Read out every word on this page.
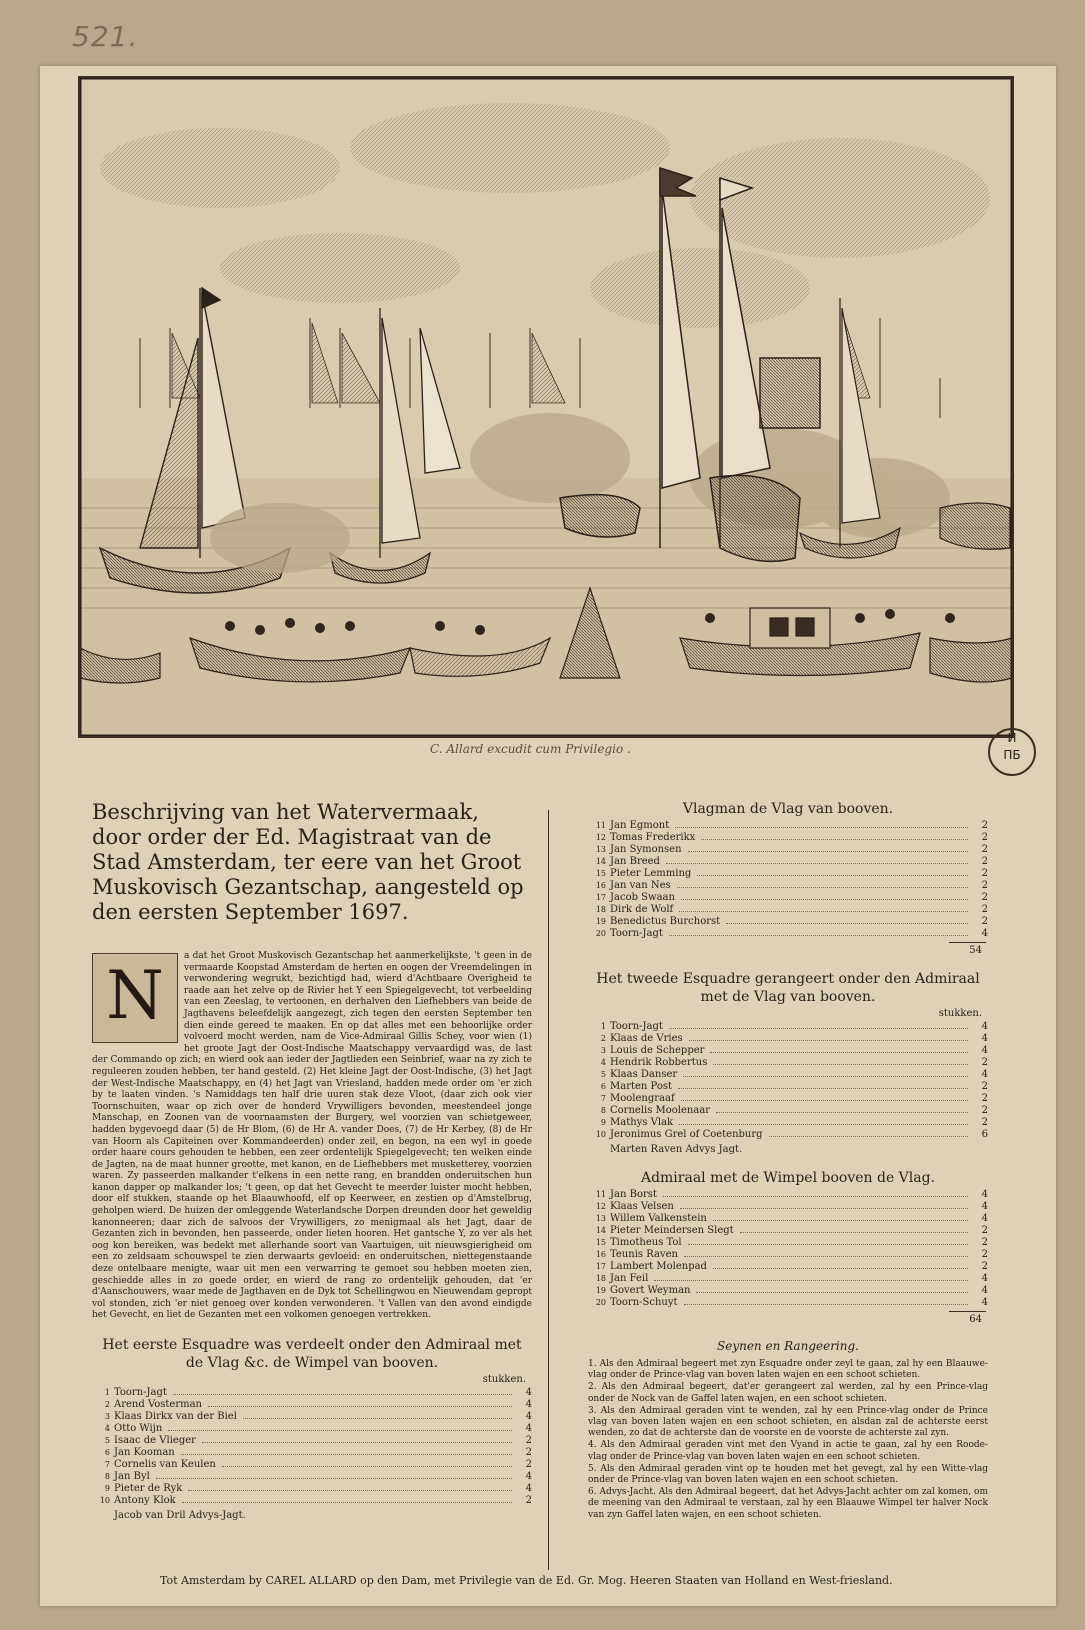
521.
C. Allard excudit cum Privilegio .
И
ПБ
Beschrijving van het Watervermaak, door order der Ed. Magistraat van de Stad Amsterdam, ter eere van het Groot Muskovisch Gezantschap, aangesteld op den eersten September 1697.
N

a dat het Groot Muskovisch Gezantschap het aanmerkelijkste, 't geen in de vermaarde Koopstad Amsterdam de herten en oogen der Vreemdelingen in verwondering wegrukt, bezichtigd had, wierd d'Achtbaare Overigheid te raade aan het zelve op de Rivier het Y een Spiegelgevecht, tot verbeelding van een Zeeslag, te vertoonen, en derhalven den Liefhebbers van beide de Jagthavens beleefdelijk aangezegt, zich tegen den eersten September ten dien einde gereed te maaken. En op dat alles met een behoorlijke order volvoerd mocht werden, nam de Vice-Admiraal Gillis Schey, voor wien (1) het groote Jagt der Oost-Indische Maatschappy vervaardigd was, de last der Commando op zich; en wierd ook aan ieder der Jagtlieden een Seinbrief, waar na zy zich te reguleeren zouden hebben, ter hand gesteld. (2) Het kleine Jagt der Oost-Indische, (3) het Jagt der West-Indische Maatschappy, en (4) het Jagt van Vriesland, hadden mede order om 'er zich by te laaten vinden. 's Namiddags ten half drie uuren stak deze Vloot, (daar zich ook vier Toornschuiten, waar op zich over de honderd Vrywilligers bevonden, meestendeel jonge Manschap, en Zoonen van de voornaamsten der Burgery, wel voorzien van schietgeweer, hadden bygevoegd daar (5) de Hr Blom, (6) de Hr A. vander Does, (7) de Hr Kerbey, (8) de Hr van Hoorn als Capiteinen over Kommandeerden) onder zeil, en begon, na een wyl in goede order haare cours gehouden te hebben, een zeer ordentelijk Spiegelgevecht; ten welken einde de Jagten, na de maat hunner grootte, met kanon, en de Liefhebbers met musketterey, voorzien waren. Zy passeerden malkander t'elkens in een nette rang, en brandden onderuitschen hun kanon dapper op malkander los; 't geen, op dat het Gevecht te meerder luister mocht hebben, door elf stukken, staande op het Blaauwhoofd, elf op Keerweer, en zestien op d'Amstelbrug, geholpen wierd. De huizen der omleggende Waterlandsche Dorpen dreunden door het geweldig kanonneeren; daar zich de salvoos der Vrywilligers, zo menigmaal als het Jagt, daar de Gezanten zich in bevonden, hen passeerde, onder lieten hooren. Het gantsche Y, zo ver als het oog kon bereiken, was bedekt met allerhande soort van Vaartuigen, uit nieuwsgierigheid om een zo zeldsaam schouwspel te zien derwaarts gevloeid: en onderuitschen, niettegenstaande deze ontelbaare menigte, waar uit men een verwarring te gemoet sou hebben moeten zien, geschiedde alles in zo goede order, en wierd de rang zo ordentelijk gehouden, dat 'er d'Aanschouwers, waar mede de Jagthaven en de Dyk tot Schellingwou en Nieuwendam gepropt vol stonden, zich 'er niet genoeg over konden verwonderen. 't Vallen van den avond eindigde het Gevecht, en liet de Gezanten met een volkomen genoegen vertrekken.

Het eerste Esquadre was verdeelt onder den Admiraal met de Vlag &c. de Wimpel van booven.
stukken.
1 Toorn-Jagt	4
2 Arend Vosterman	4
3 Klaas Dirkx van der Biel	4
4 Otto Wijn	4
5 Isaac de Vlieger	2
6 Jan Kooman	2
7 Cornelis van Keulen	2
8 Jan Byl	4
9 Pieter de Ryk	4
10 Antony Klok	2
Jacob van Dril Advys-Jagt.
Vlagman de Vlag van booven.
11 Jan Egmont	2
12 Tomas Frederikx	2
13 Jan Symonsen	2
14 Jan Breed	2
15 Pieter Lemming	2
16 Jan van Nes	2
17 Jacob Swaan	2
18 Dirk de Wolf	2
19 Benedictus Burchorst	2
20 Toorn-Jagt	4
54
Het tweede Esquadre gerangeert onder den Admiraal met de Vlag van booven.
stukken.
1 Toorn-Jagt	4
2 Klaas de Vries	4
3 Louis de Schepper	4
4 Hendrik Robbertus	2
5 Klaas Danser	4
6 Marten Post	2
7 Moolengraaf	2
8 Cornelis Moolenaar	2
9 Mathys Vlak	2
10 Jeronimus Grel of Coetenburg	6
Marten Raven Advys Jagt.
Admiraal met de Wimpel booven de Vlag.
11 Jan Borst	4
12 Klaas Velsen	4
13 Willem Valkenstein	4
14 Pieter Meindersen Slegt	2
15 Timotheus Tol	2
16 Teunis Raven	2
17 Lambert Molenpad	2
18 Jan Feil	4
19 Govert Weyman	4
20 Toorn-Schuyt	4
64
Seynen en Rangeering.
1. Als den Admiraal begeert met zyn Esquadre onder zeyl te gaan, zal hy een Blaauwe-vlag onder de Prince-vlag van boven laten wajen en een schoot schieten.
2. Als den Admiraal begeert, dat'er gerangeert zal werden, zal hy een Prince-vlag onder de Nock van de Gaffel laten wajen, en een schoot schieten.
3. Als den Admiraal geraden vint te wenden, zal hy een Prince-vlag onder de Prince vlag van boven laten wajen en een schoot schieten, en alsdan zal de achterste eerst wenden, zo dat de achterste dan de voorste en de voorste de achterste zal zyn.
4. Als den Admiraal geraden vint met den Vyand in actie te gaan, zal hy een Roode-vlag onder de Prince-vlag van boven laten wajen en een schoot schieten.
5. Als den Admiraal geraden vint op te houden met het gevegt, zal hy een Witte-vlag onder de Prince-vlag van boven laten wajen en een schoot schieten.
6. Advys-Jacht. Als den Admiraal begeert, dat het Advys-Jacht achter om zal komen, om de meening van den Admiraal te verstaan, zal hy een Blaauwe Wimpel ter halver Nock van zyn Gaffel laten wajen, en een schoot schieten.
Tot Amsterdam by CAREL ALLARD op den Dam, met Privilegie van de Ed. Gr. Mog. Heeren Staaten van Holland en West-friesland.
